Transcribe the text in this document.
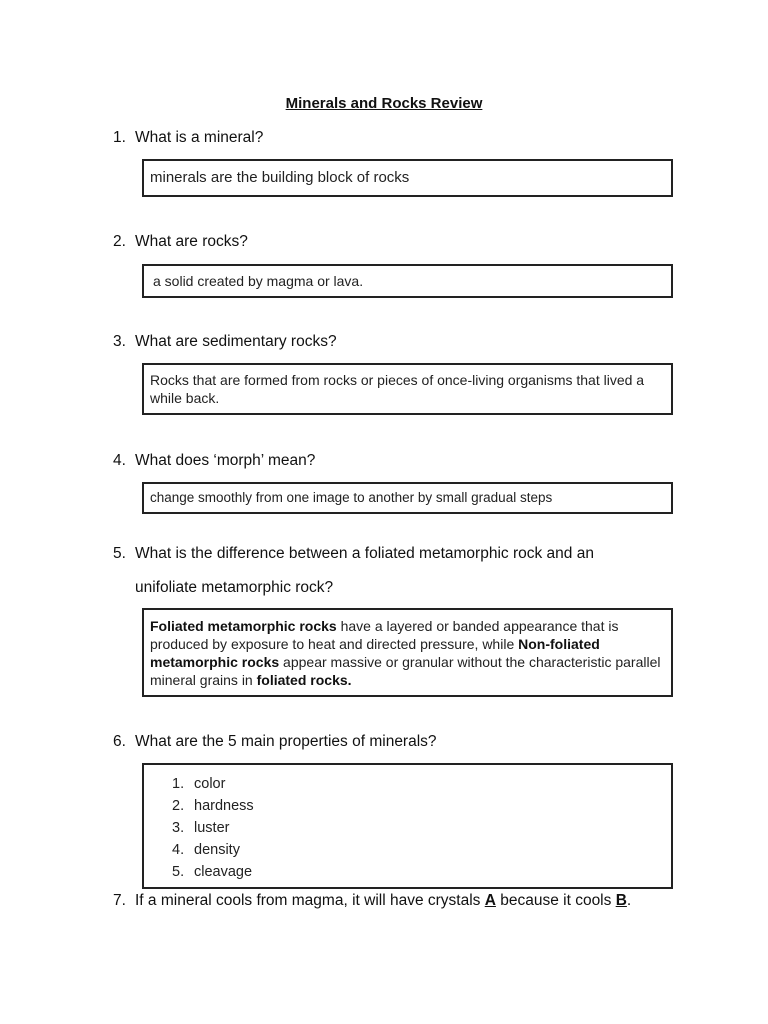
Minerals and Rocks Review
1. What is a mineral?
minerals are the building block of rocks
2. What are rocks?
a solid created by magma or lava.
3. What are sedimentary rocks?
Rocks that are formed from rocks or pieces of once-living organisms that lived a while back.
4. What does ‘morph’ mean?
change smoothly from one image to another by small gradual steps
5. What is the difference between a foliated metamorphic rock and an
unifoliate metamorphic rock?
Foliated metamorphic rocks have a layered or banded appearance that is produced by exposure to heat and directed pressure, while Non-foliated metamorphic rocks appear massive or granular without the characteristic parallel mineral grains in foliated rocks.
6. What are the 5 main properties of minerals?
1. color
2. hardness
3. luster
4. density
5. cleavage
7. If a mineral cools from magma, it will have crystals A because it cools B.
